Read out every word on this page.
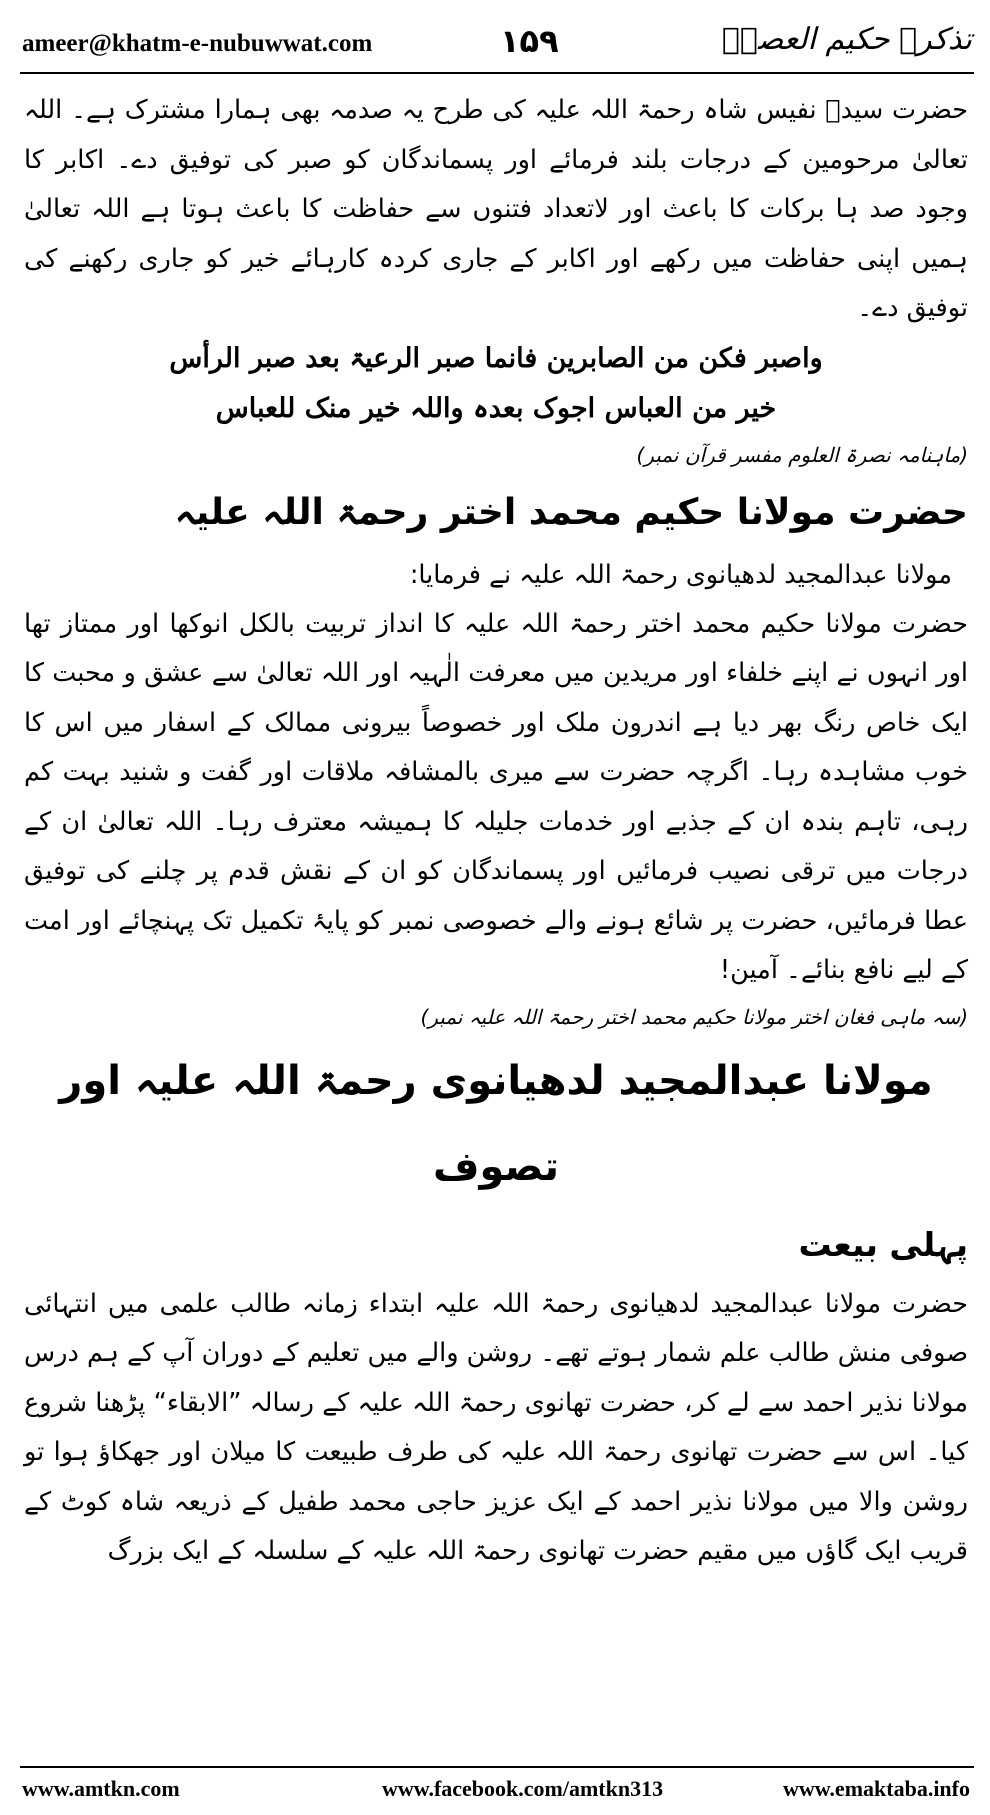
ameer@khatm-e-nubuwwat.com	۱۵۹	تذکرہ حکیم العصرؒ

حضرت سیدؒ نفیس شاہ رحمۃ اللہ علیہ کی طرح یہ صدمہ بھی ہمارا مشترک ہے۔ اللہ تعالیٰ مرحومین کے درجات بلند فرمائے اور پسماندگان کو صبر کی توفیق دے۔ اکابر کا وجود صد ہا برکات کا باعث اور لاتعداد فتنوں سے حفاظت کا باعث ہوتا ہے اللہ تعالیٰ ہمیں اپنی حفاظت میں رکھے اور اکابر کے جاری کردہ کارہائے خیر کو جاری رکھنے کی توفیق دے۔

واصبر فکن من الصابرین فانما صبر الرعیۃ بعد صبر الرأس

خیر من العباس اجوک بعدہ واللہ خیر منک للعباس

(ماہنامہ نصرۃ العلوم مفسر قرآن نمبر)

حضرت مولانا حکیم محمد اختر رحمۃ اللہ علیہ

مولانا عبدالمجید لدھیانوی رحمۃ اللہ علیہ نے فرمایا:

حضرت مولانا حکیم محمد اختر رحمۃ اللہ علیہ کا انداز تربیت بالکل انوکھا اور ممتاز تھا اور انہوں نے اپنے خلفاء اور مریدین میں معرفت الٰہیہ اور اللہ تعالیٰ سے عشق و محبت کا ایک خاص رنگ بھر دیا ہے اندرون ملک اور خصوصاً بیرونی ممالک کے اسفار میں اس کا خوب مشاہدہ رہا۔ اگرچہ حضرت سے میری بالمشافہ ملاقات اور گفت و شنید بہت کم رہی، تاہم بندہ ان کے جذبے اور خدمات جلیلہ کا ہمیشہ معترف رہا۔ اللہ تعالیٰ ان کے درجات میں ترقی نصیب فرمائیں اور پسماندگان کو ان کے نقش قدم پر چلنے کی توفیق عطا فرمائیں، حضرت پر شائع ہونے والے خصوصی نمبر کو پایۂ تکمیل تک پہنچائے اور امت کے لیے نافع بنائے۔ آمین!

(سہ ماہی فغان اختر مولانا حکیم محمد اختر رحمۃ اللہ علیہ نمبر)

مولانا عبدالمجید لدھیانوی رحمۃ اللہ علیہ اور تصوف

پہلی بیعت

حضرت مولانا عبدالمجید لدھیانوی رحمۃ اللہ علیہ ابتداء زمانہ طالب علمی میں انتہائی صوفی منش طالب علم شمار ہوتے تھے۔ روشن والے میں تعلیم کے دوران آپ کے ہم درس مولانا نذیر احمد سے لے کر، حضرت تھانوی رحمۃ اللہ علیہ کے رسالہ ”الابقاء“ پڑھنا شروع کیا۔ اس سے حضرت تھانوی رحمۃ اللہ علیہ کی طرف طبیعت کا میلان اور جھکاؤ ہوا تو روشن والا میں مولانا نذیر احمد کے ایک عزیز حاجی محمد طفیل کے ذریعہ شاہ کوٹ کے قریب ایک گاؤں میں مقیم حضرت تھانوی رحمۃ اللہ علیہ کے سلسلہ کے ایک بزرگ

www.amtkn.com	www.facebook.com/amtkn313	www.emaktaba.info
